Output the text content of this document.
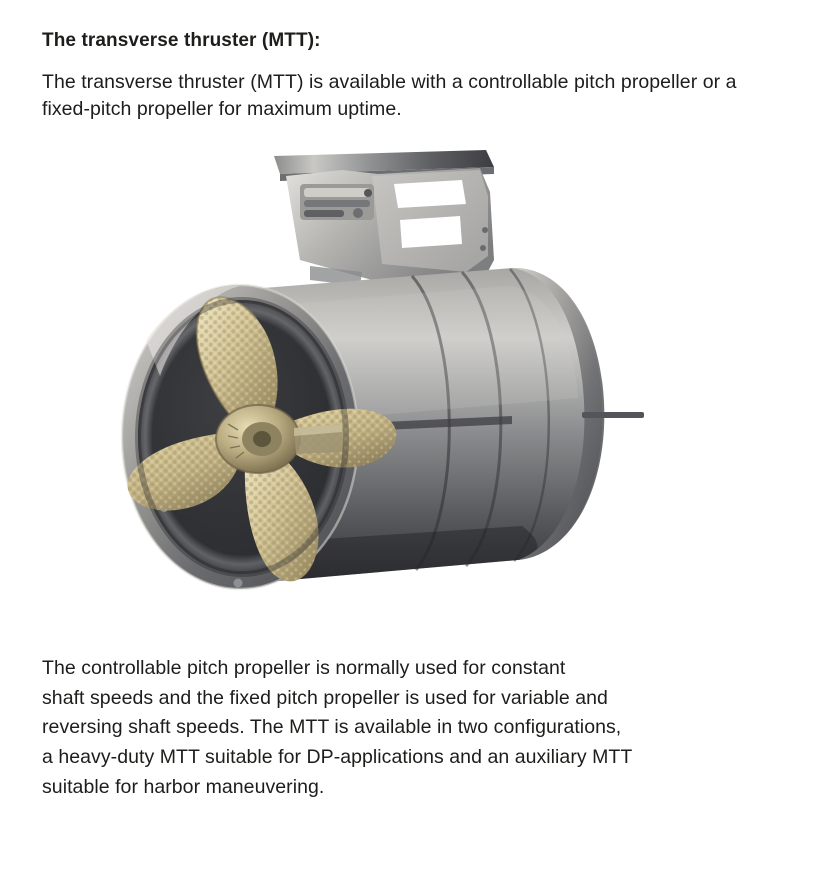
The transverse thruster (MTT):

The transverse thruster (MTT) is available with a controllable pitch propeller or a fixed-pitch propeller for maximum uptime.

The controllable pitch propeller is normally used for constant
shaft speeds and the fixed pitch propeller is used for variable and
reversing shaft speeds. The MTT is available in two configurations,
a heavy-duty MTT suitable for DP-applications and an auxiliary MTT
suitable for harbor maneuvering.
